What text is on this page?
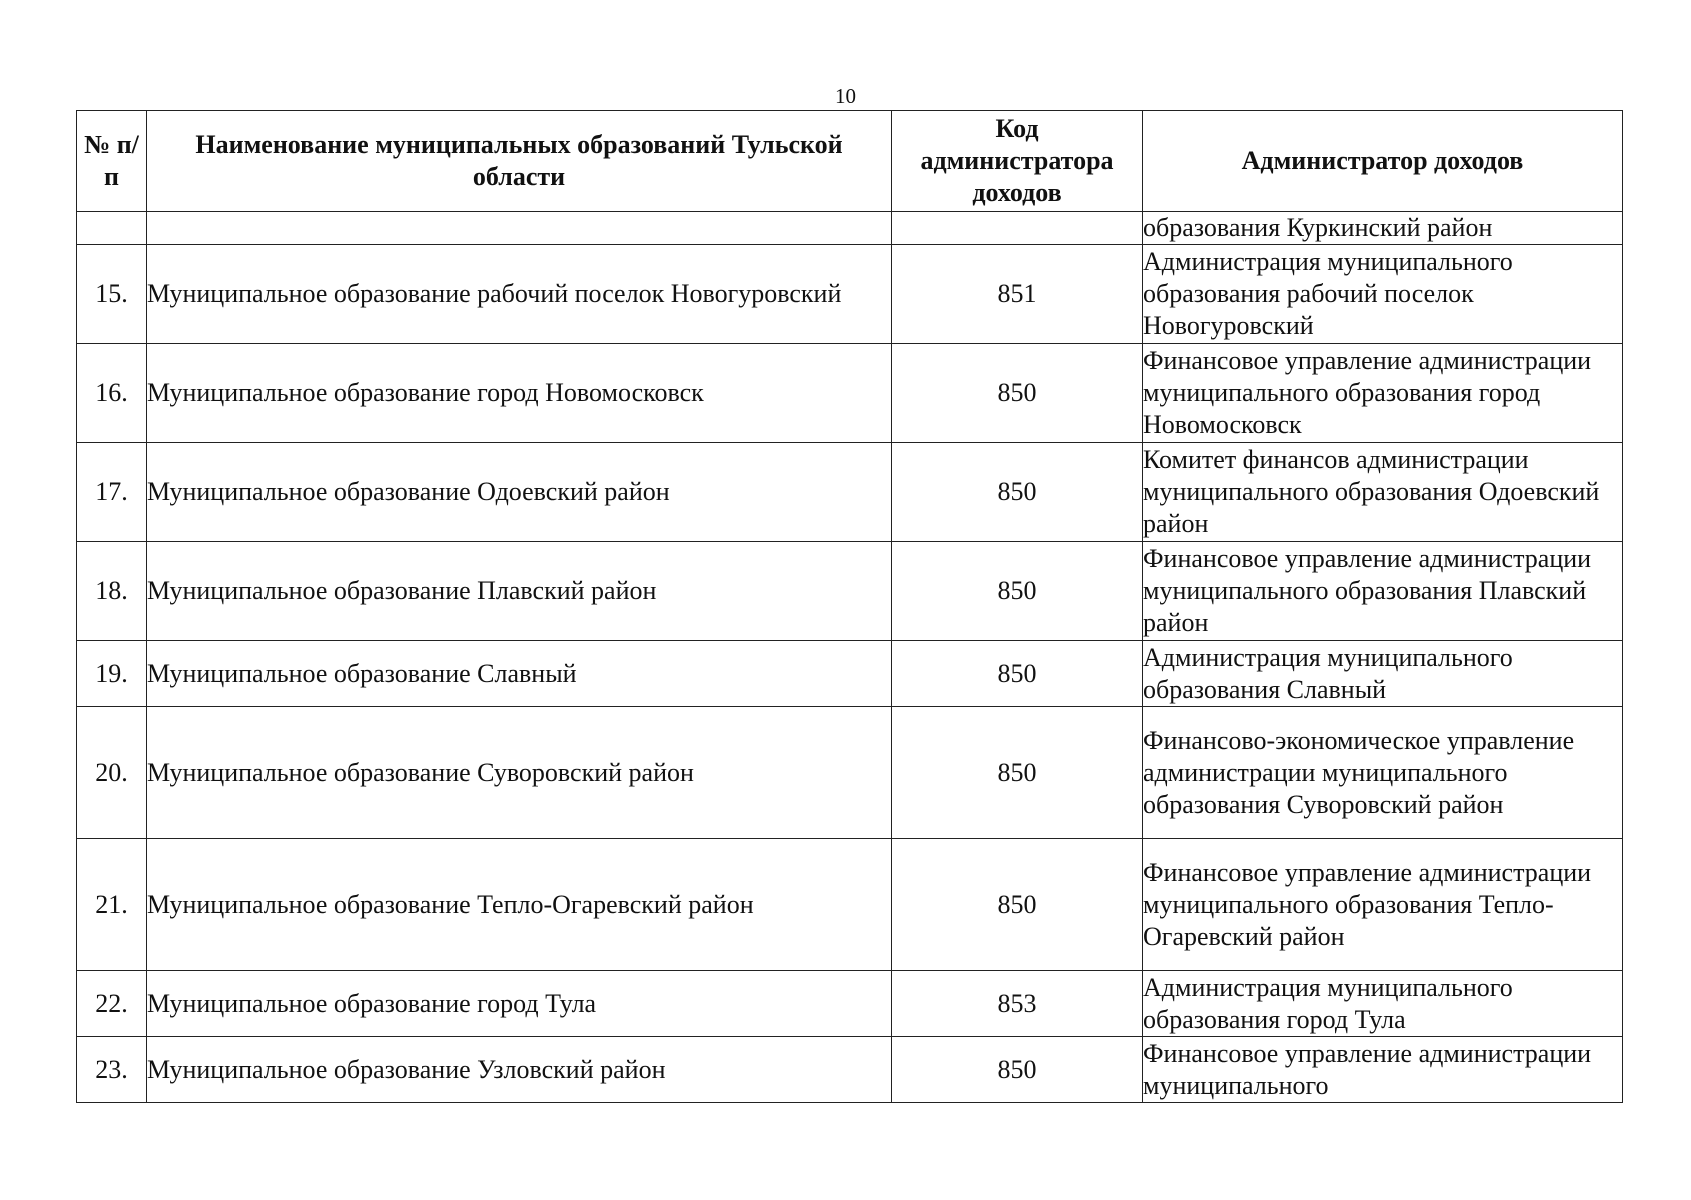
10
№ п/п	Наименование муниципальных образований Тульской области	Код администратора доходов	Администратор доходов
			образования Куркинский район
15.	Муниципальное образование рабочий поселок Новогуровский	851	Администрация муниципального образования рабочий поселок Новогуровский
16.	Муниципальное образование город Новомосковск	850	Финансовое управление администрации муниципального образования город Новомосковск
17.	Муниципальное образование Одоевский район	850	Комитет финансов администрации муниципального образования Одоевский район
18.	Муниципальное образование Плавский район	850	Финансовое управление администрации муниципального образования Плавский район
19.	Муниципальное образование Славный	850	Администрация муниципального образования Славный
20.	Муниципальное образование Суворовский район	850	Финансово-экономическое управление администрации муниципального образования Суворовский район
21.	Муниципальное образование Тепло-Огаревский район	850	Финансовое управление администрации муниципального образования Тепло-Огаревский район
22.	Муниципальное образование город Тула	853	Администрация муниципального образования город Тула
23.	Муниципальное образование Узловский район	850	Финансовое управление администрации муниципального
